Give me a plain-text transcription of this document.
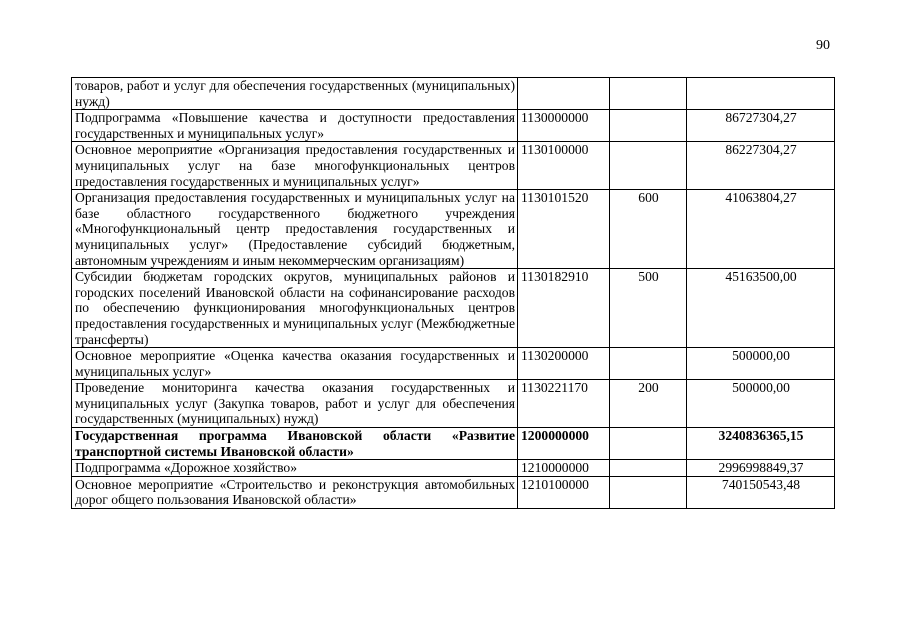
90
товаров, работ и услуг для обеспечения государственных (муниципальных) нужд)			
Подпрограмма «Повышение качества и доступности предоставления государственных и муниципальных услуг»	1130000000		86727304,27
Основное мероприятие «Организация предоставления государственных и муниципальных услуг на базе многофункциональных центров предоставления государственных и муниципальных услуг»	1130100000		86227304,27
Организация предоставления государственных и муниципальных услуг на базе областного государственного бюджетного учреждения «Многофункциональный центр предоставления государственных и муниципальных услуг» (Предоставление субсидий бюджетным, автономным учреждениям и иным некоммерческим организациям)	1130101520	600	41063804,27
Субсидии бюджетам городских округов, муниципальных районов и городских поселений Ивановской области на софинансирование расходов по обеспечению функционирования многофункциональных центров предоставления государственных и муниципальных услуг (Межбюджетные трансферты)	1130182910	500	45163500,00
Основное мероприятие «Оценка качества оказания государственных и муниципальных услуг»	1130200000		500000,00
Проведение мониторинга качества оказания государственных и муниципальных услуг (Закупка товаров, работ и услуг для обеспечения государственных (муниципальных) нужд)	1130221170	200	500000,00
Государственная программа Ивановской области «Развитие транспортной системы Ивановской области»	1200000000		3240836365,15
Подпрограмма «Дорожное хозяйство»	1210000000		2996998849,37
Основное мероприятие «Строительство и реконструкция автомобильных дорог общего пользования Ивановской области»	1210100000		740150543,48
